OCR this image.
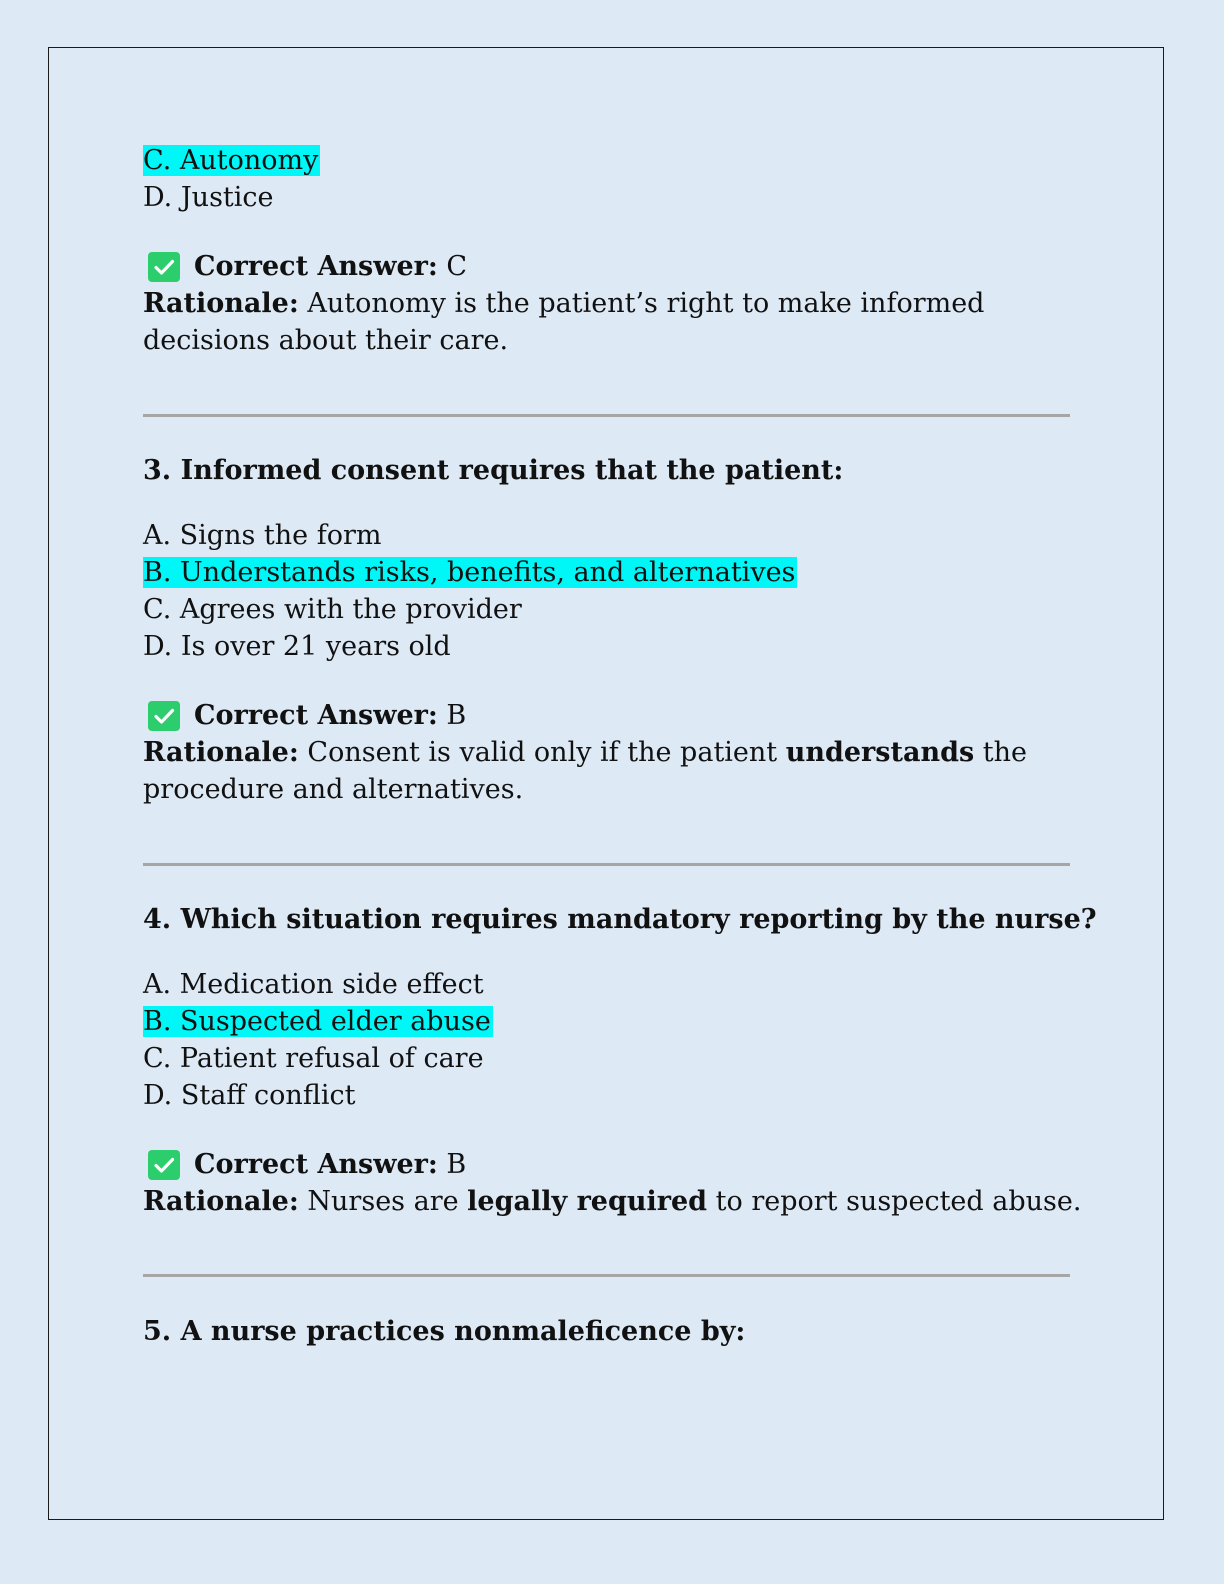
C. Autonomy
D. Justice
Correct Answer: C
Rationale: Autonomy is the patient’s right to make informed
decisions about their care.
3. Informed consent requires that the patient:
A. Signs the form
B. Understands risks, benefits, and alternatives
C. Agrees with the provider
D. Is over 21 years old
Correct Answer: B
Rationale: Consent is valid only if the patient understands the
procedure and alternatives.
4. Which situation requires mandatory reporting by the nurse?
A. Medication side effect
B. Suspected elder abuse
C. Patient refusal of care
D. Staff conflict
Correct Answer: B
Rationale: Nurses are legally required to report suspected abuse.
5. A nurse practices nonmaleficence by:
